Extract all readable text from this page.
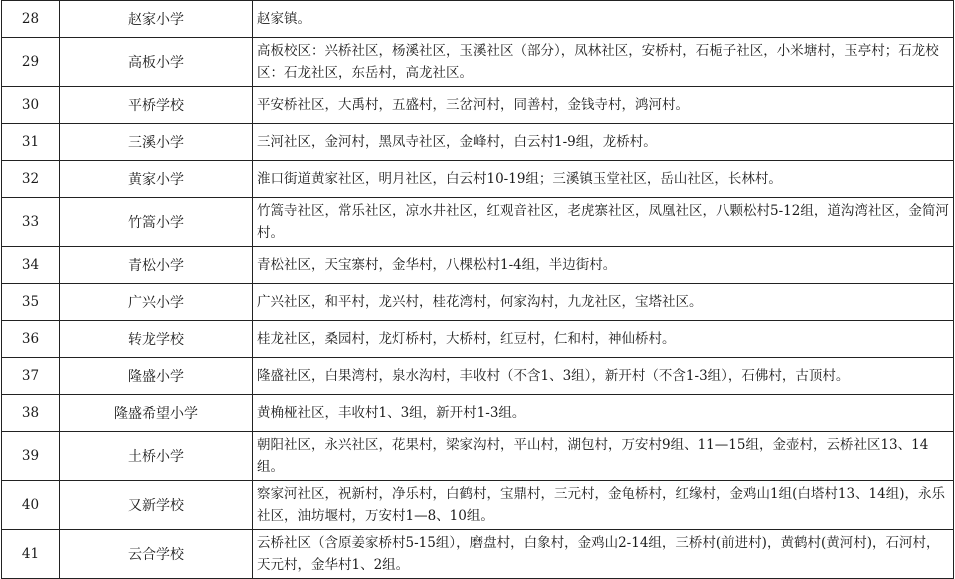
28	赵家小学	赵家镇。
29	高板小学	高板校区：兴桥社区，杨溪社区，玉溪社区（部分），凤林社区，安桥村，石栀子社区，小米塘村，玉亭村；石龙校区：石龙社区，东岳村，高龙社区。
30	平桥学校	平安桥社区，大禹村，五盛村，三岔河村，同善村，金钱寺村，鸿河村。
31	三溪小学	三河社区，金河村，黑凤寺社区，金峰村，白云村1-9组，龙桥村。
32	黄家小学	淮口街道黄家社区，明月社区，白云村10-19组；三溪镇玉堂社区，岳山社区，长林村。
33	竹篙小学	竹篙寺社区，常乐社区，凉水井社区，红观音社区，老虎寨社区，凤凰社区，八颗松村5-12组，道沟湾社区，金简河村。
34	青松小学	青松社区，天宝寨村，金华村，八棵松村1-4组，半边街村。
35	广兴小学	广兴社区，和平村，龙兴村，桂花湾村，何家沟村，九龙社区，宝塔社区。
36	转龙学校	桂龙社区，桑园村，龙灯桥村，大桥村，红豆村，仁和村，神仙桥村。
37	隆盛小学	隆盛社区，白果湾村，泉水沟村，丰收村（不含1、3组），新开村（不含1-3组），石佛村，古顶村。
38	隆盛希望小学	黄桷桠社区，丰收村1、3组，新开村1-3组。
39	土桥小学	朝阳社区，永兴社区，花果村，梁家沟村，平山村，湖包村，万安村9组、11—15组，金壶村，云桥社区13、14组。
40	又新学校	察家河社区，祝新村，净乐村，白鹤村，宝鼎村，三元村，金龟桥村，红缘村，金鸡山1组(白塔村13、14组)，永乐社区，油坊堰村，万安村1—8、10组。
41	云合学校	云桥社区（含原姜家桥村5-15组），磨盘村，白象村，金鸡山2-14组，三桥村(前进村)，黄鹤村(黄河村)，石河村，天元村，金华村1、2组。
